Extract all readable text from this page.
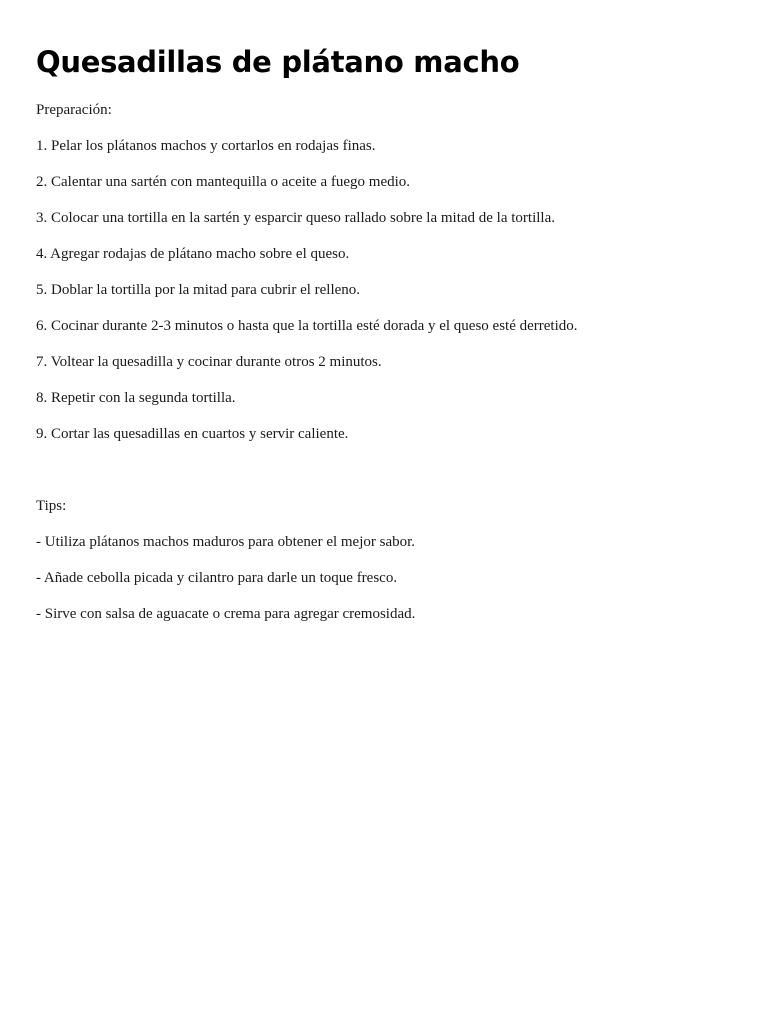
Quesadillas de plátano macho

Preparación:

1. Pelar los plátanos machos y cortarlos en rodajas finas.

2. Calentar una sartén con mantequilla o aceite a fuego medio.

3. Colocar una tortilla en la sartén y esparcir queso rallado sobre la mitad de la tortilla.

4. Agregar rodajas de plátano macho sobre el queso.

5. Doblar la tortilla por la mitad para cubrir el relleno.

6. Cocinar durante 2-3 minutos o hasta que la tortilla esté dorada y el queso esté derretido.

7. Voltear la quesadilla y cocinar durante otros 2 minutos.

8. Repetir con la segunda tortilla.

9. Cortar las quesadillas en cuartos y servir caliente.

Tips:

- Utiliza plátanos machos maduros para obtener el mejor sabor.

- Añade cebolla picada y cilantro para darle un toque fresco.

- Sirve con salsa de aguacate o crema para agregar cremosidad.
